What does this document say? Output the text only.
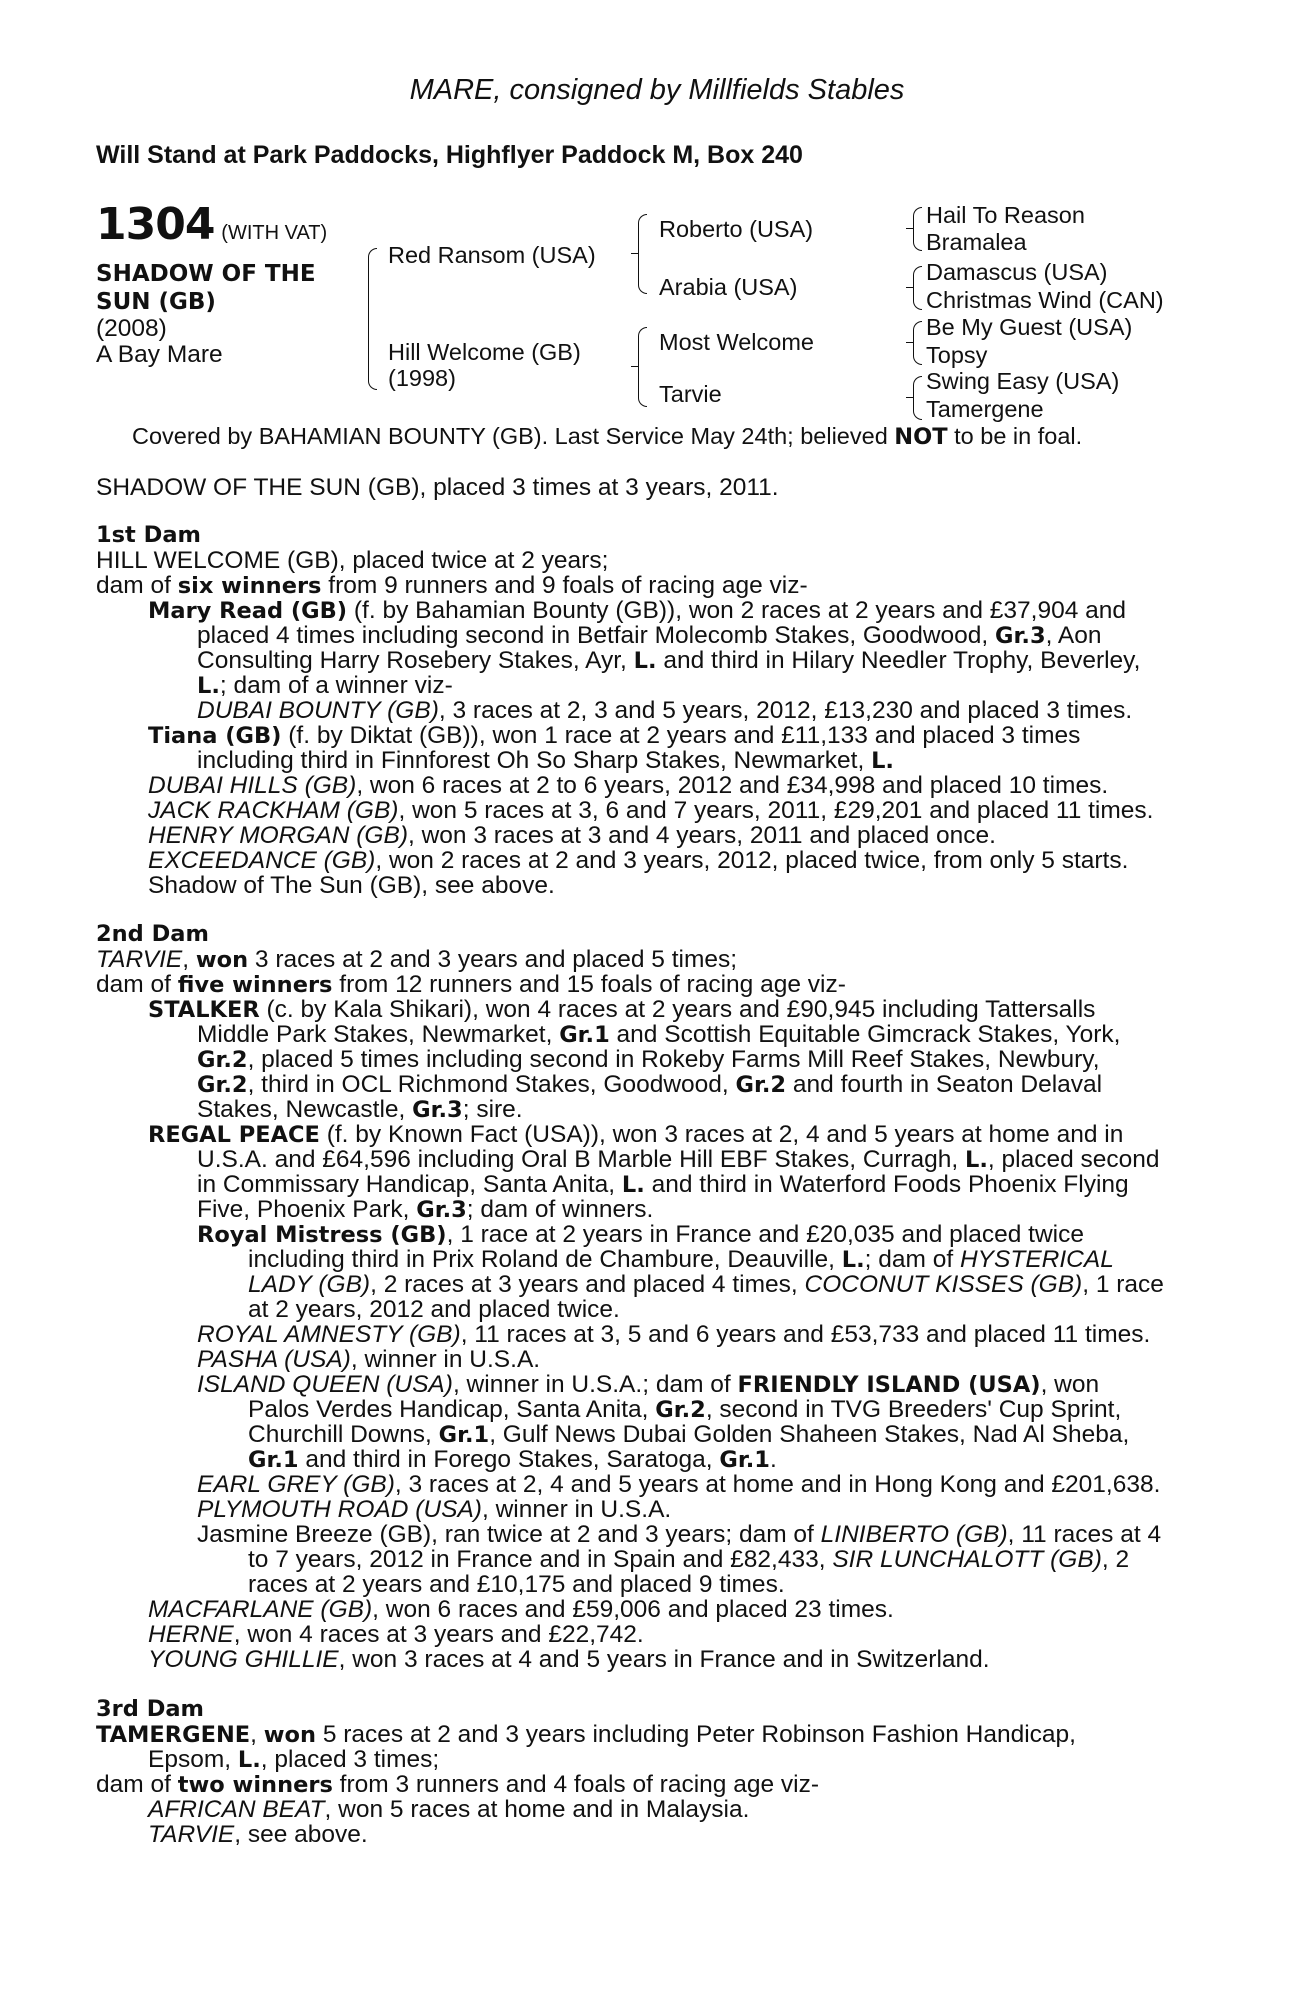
MARE, consigned by Millfields Stables
Will Stand at Park Paddocks, Highflyer Paddock M, Box 240
1304 (WITH VAT)
SHADOW OF THE
SUN (GB)
(2008)
A Bay Mare
Red Ransom (USA)
Hill Welcome (GB)
(1998)
Roberto (USA)
Arabia (USA)
Most Welcome
Tarvie
Hail To Reason
Bramalea
Damascus (USA)
Christmas Wind (CAN)
Be My Guest (USA)
Topsy
Swing Easy (USA)
Tamergene
Covered by BAHAMIAN BOUNTY (GB). Last Service May 24th; believed NOT to be in foal.
SHADOW OF THE SUN (GB), placed 3 times at 3 years, 2011.
1st Dam
HILL WELCOME (GB), placed twice at 2 years;
dam of six winners from 9 runners and 9 foals of racing age viz-
Mary Read (GB) (f. by Bahamian Bounty (GB)), won 2 races at 2 years and £37,904 and
placed 4 times including second in Betfair Molecomb Stakes, Goodwood, Gr.3, Aon
Consulting Harry Rosebery Stakes, Ayr, L. and third in Hilary Needler Trophy, Beverley,
L.; dam of a winner viz-
DUBAI BOUNTY (GB), 3 races at 2, 3 and 5 years, 2012, £13,230 and placed 3 times.
Tiana (GB) (f. by Diktat (GB)), won 1 race at 2 years and £11,133 and placed 3 times
including third in Finnforest Oh So Sharp Stakes, Newmarket, L.
DUBAI HILLS (GB), won 6 races at 2 to 6 years, 2012 and £34,998 and placed 10 times.
JACK RACKHAM (GB), won 5 races at 3, 6 and 7 years, 2011, £29,201 and placed 11 times.
HENRY MORGAN (GB), won 3 races at 3 and 4 years, 2011 and placed once.
EXCEEDANCE (GB), won 2 races at 2 and 3 years, 2012, placed twice, from only 5 starts.
Shadow of The Sun (GB), see above.
2nd Dam
TARVIE, won 3 races at 2 and 3 years and placed 5 times;
dam of five winners from 12 runners and 15 foals of racing age viz-
STALKER (c. by Kala Shikari), won 4 races at 2 years and £90,945 including Tattersalls
Middle Park Stakes, Newmarket, Gr.1 and Scottish Equitable Gimcrack Stakes, York,
Gr.2, placed 5 times including second in Rokeby Farms Mill Reef Stakes, Newbury,
Gr.2, third in OCL Richmond Stakes, Goodwood, Gr.2 and fourth in Seaton Delaval
Stakes, Newcastle, Gr.3; sire.
REGAL PEACE (f. by Known Fact (USA)), won 3 races at 2, 4 and 5 years at home and in
U.S.A. and £64,596 including Oral B Marble Hill EBF Stakes, Curragh, L., placed second
in Commissary Handicap, Santa Anita, L. and third in Waterford Foods Phoenix Flying
Five, Phoenix Park, Gr.3; dam of winners.
Royal Mistress (GB), 1 race at 2 years in France and £20,035 and placed twice
including third in Prix Roland de Chambure, Deauville, L.; dam of HYSTERICAL
LADY (GB), 2 races at 3 years and placed 4 times, COCONUT KISSES (GB), 1 race
at 2 years, 2012 and placed twice.
ROYAL AMNESTY (GB), 11 races at 3, 5 and 6 years and £53,733 and placed 11 times.
PASHA (USA), winner in U.S.A.
ISLAND QUEEN (USA), winner in U.S.A.; dam of FRIENDLY ISLAND (USA), won
Palos Verdes Handicap, Santa Anita, Gr.2, second in TVG Breeders' Cup Sprint,
Churchill Downs, Gr.1, Gulf News Dubai Golden Shaheen Stakes, Nad Al Sheba,
Gr.1 and third in Forego Stakes, Saratoga, Gr.1.
EARL GREY (GB), 3 races at 2, 4 and 5 years at home and in Hong Kong and £201,638.
PLYMOUTH ROAD (USA), winner in U.S.A.
Jasmine Breeze (GB), ran twice at 2 and 3 years; dam of LINIBERTO (GB), 11 races at 4
to 7 years, 2012 in France and in Spain and £82,433, SIR LUNCHALOTT (GB), 2
races at 2 years and £10,175 and placed 9 times.
MACFARLANE (GB), won 6 races and £59,006 and placed 23 times.
HERNE, won 4 races at 3 years and £22,742.
YOUNG GHILLIE, won 3 races at 4 and 5 years in France and in Switzerland.
3rd Dam
TAMERGENE, won 5 races at 2 and 3 years including Peter Robinson Fashion Handicap,
Epsom, L., placed 3 times;
dam of two winners from 3 runners and 4 foals of racing age viz-
AFRICAN BEAT, won 5 races at home and in Malaysia.
TARVIE, see above.
